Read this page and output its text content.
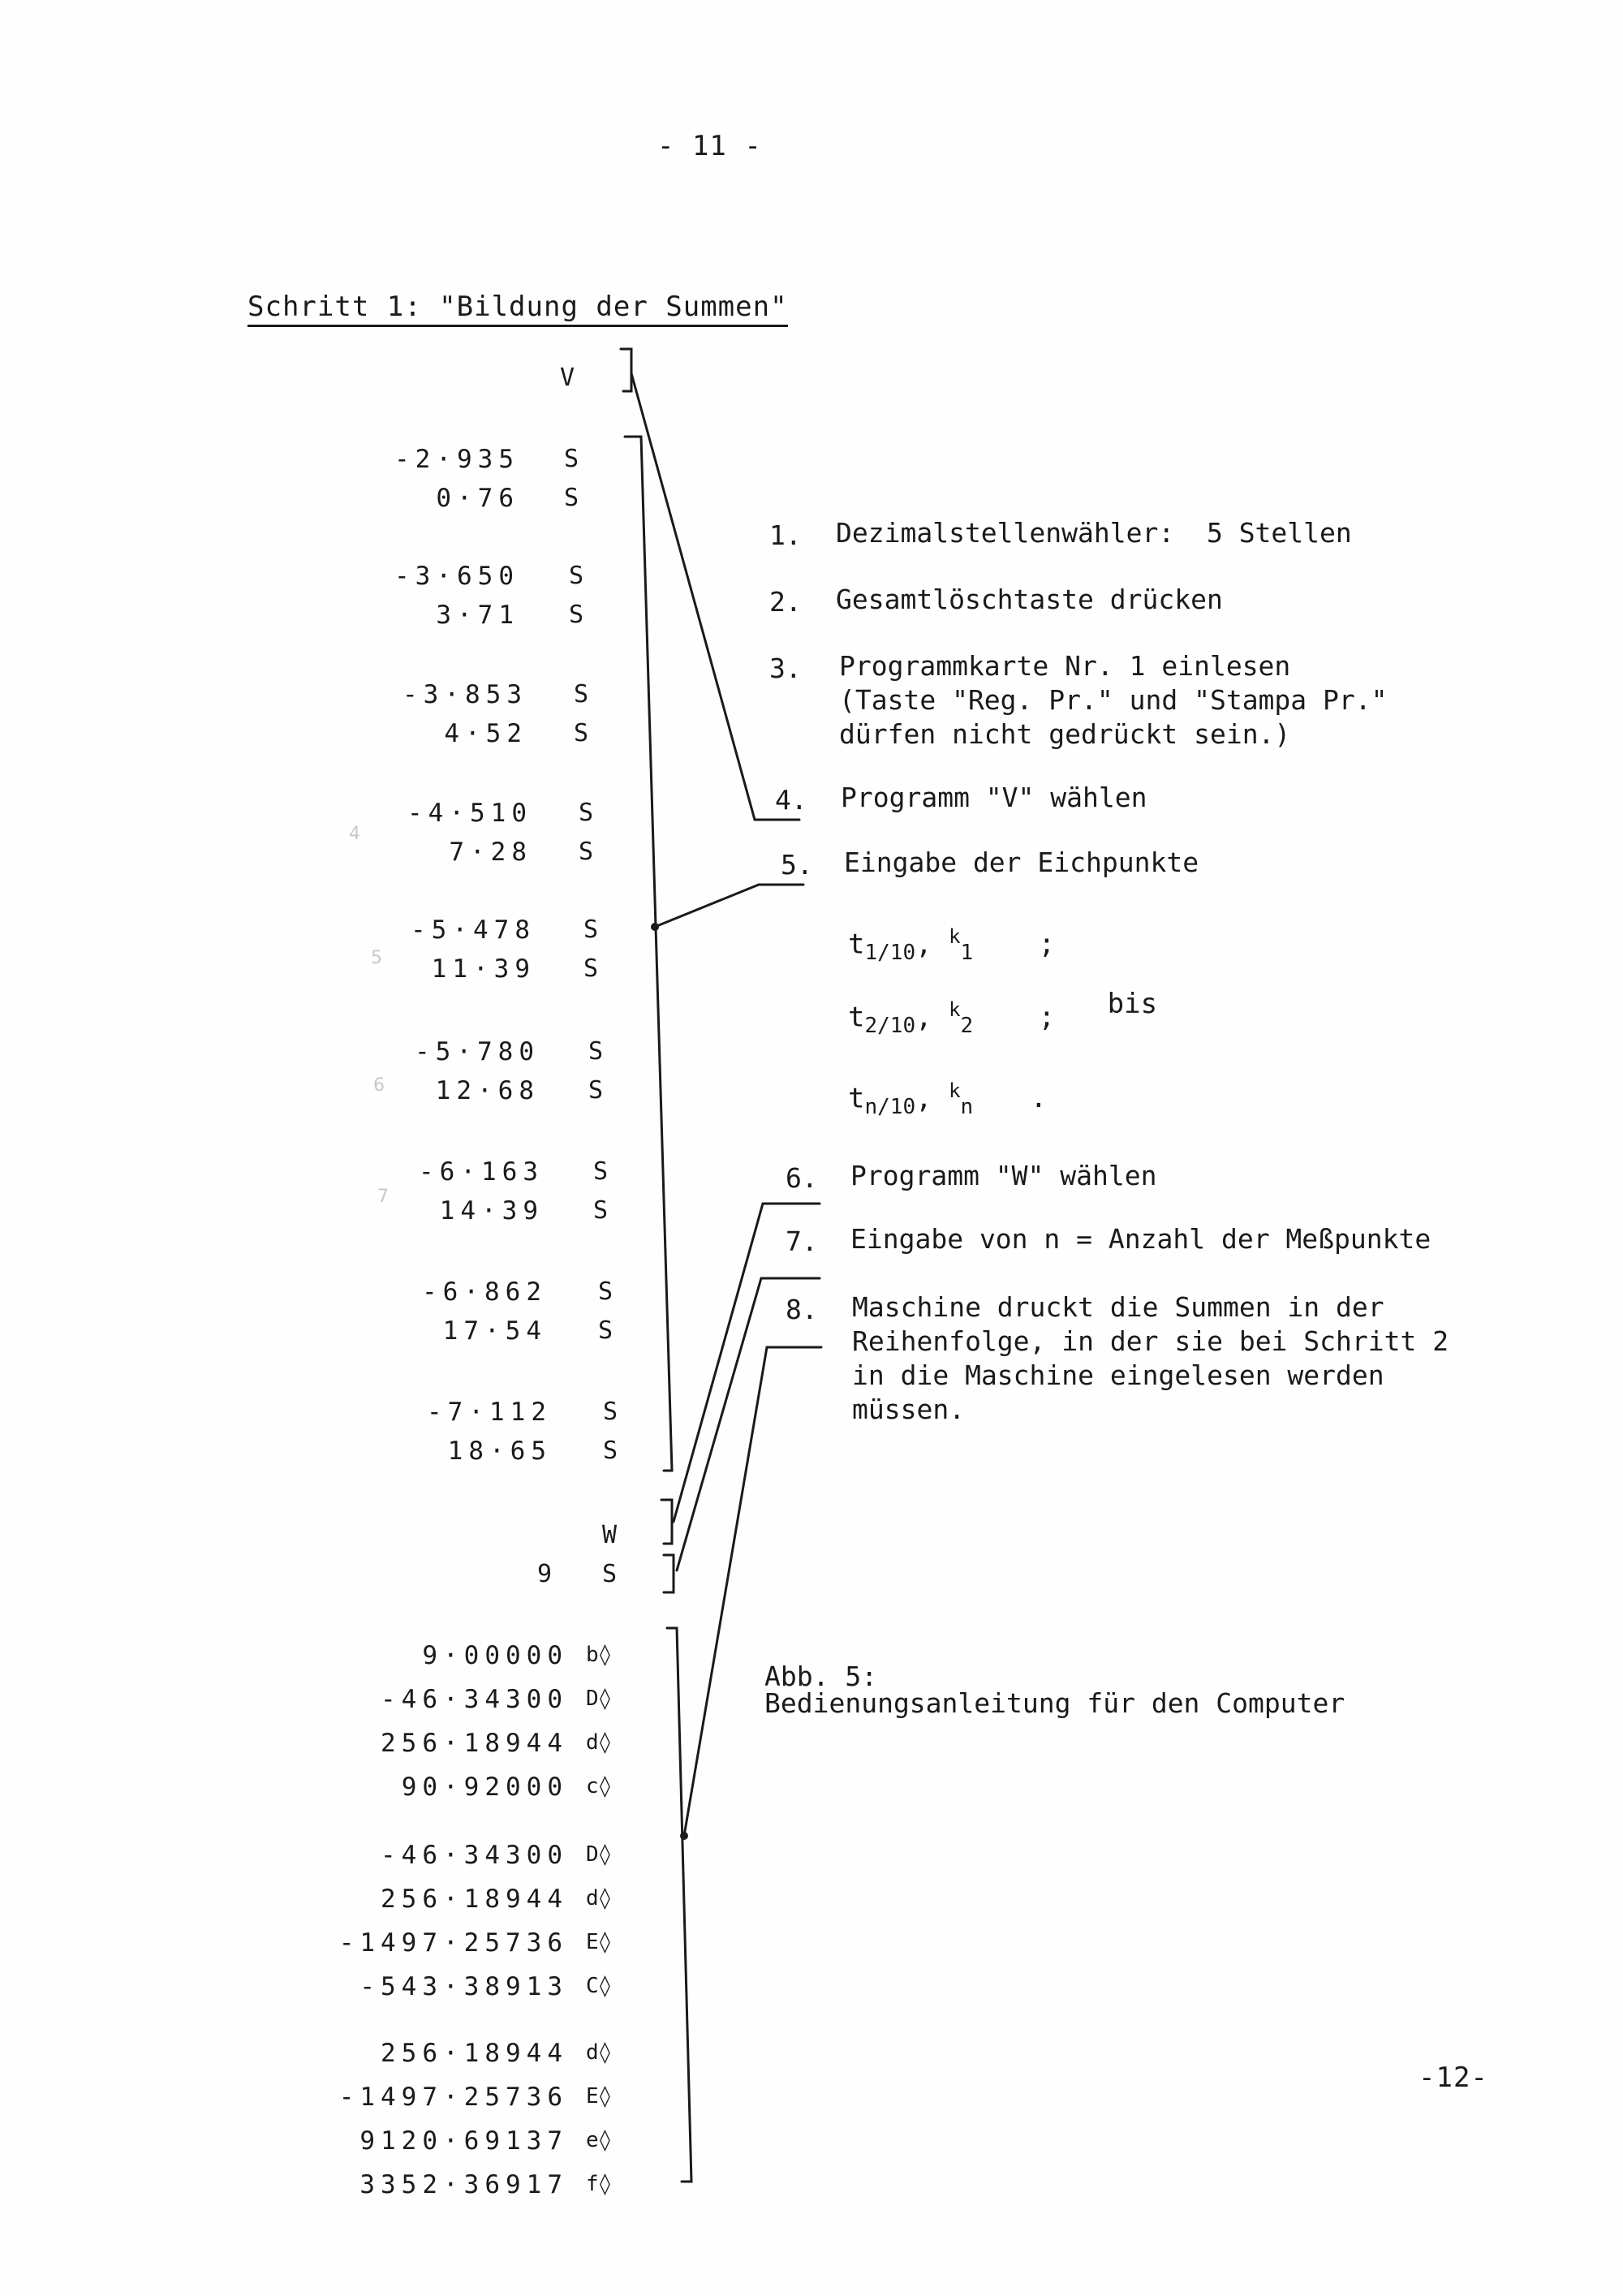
- 11 -
Schritt 1: "Bildung der Summen"
V
-2·935 S
0·76 S
-3·650 S
3·71 S
-3·853 S
4·52 S
-4·510 S
7·28 S
-5·478 S
11·39 S
-5·780 S
12·68 S
-6·163 S
14·39 S
-6·862 S
17·54 S
-7·112 S
18·65 S
W
9 S
9·00000 b◊
-46·34300 D◊
256·18944 d◊
90·92000 c◊
-46·34300 D◊
256·18944 d◊
-1497·25736 E◊
-543·38913 C◊
256·18944 d◊
-1497·25736 E◊
9120·69137 e◊
3352·36917 f◊
1. Dezimalstellenwähler:  5 Stellen
2. Gesamtlöschtaste drücken
3. Programmkarte Nr. 1 einlesen
(Taste "Reg. Pr." und "Stampa Pr."
dürfen nicht gedrückt sein.)
4. Programm "V" wählen
5. Eingabe der Eichpunkte
6. Programm "W" wählen
7. Eingabe von n = Anzahl der Meßpunkte
8. Maschine druckt die Summen in der
Reihenfolge, in der sie bei Schritt 2
in die Maschine eingelesen werden
müssen.
$t_{1/10}$, $^k_1$ ;
$t_{2/10}$, $^k_2$ ; bis
$t_{n/10}$, $^k_n$ .
Abb. 5:
Bedienungsanleitung für den Computer
-12-
4
5
6
7
